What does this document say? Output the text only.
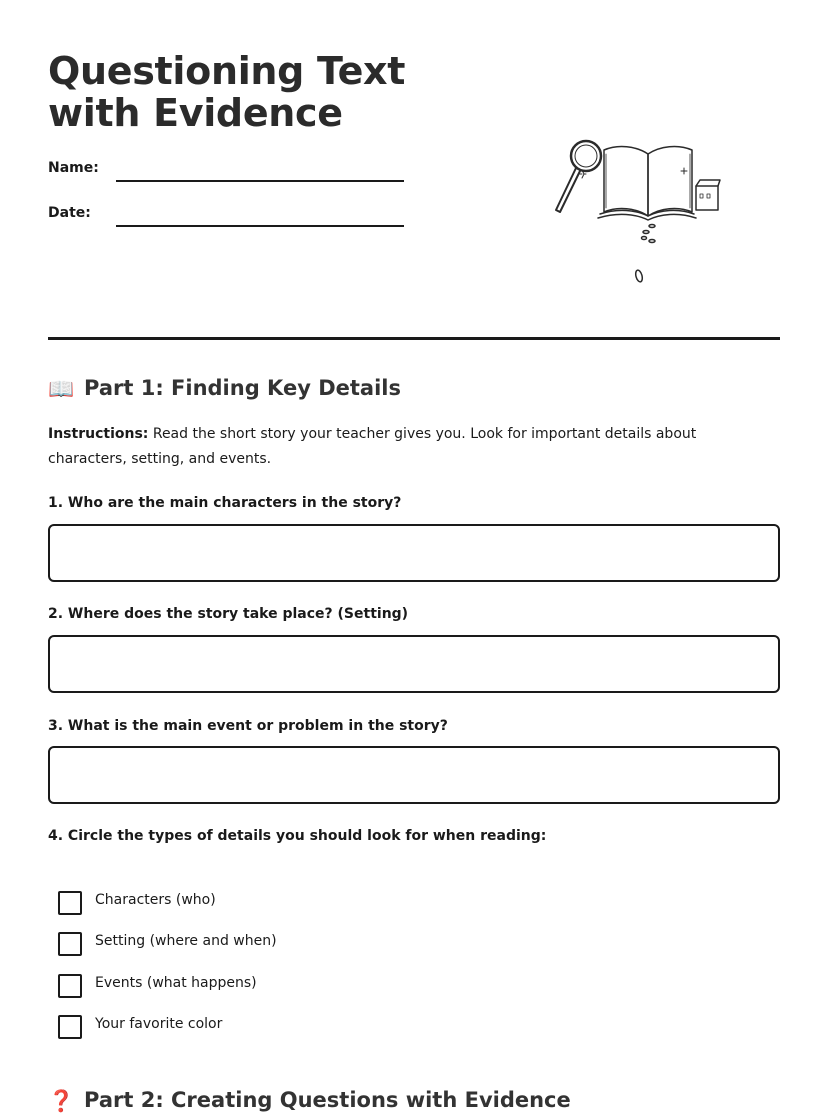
Questioning Text with Evidence
Name:
Date:
📖 Part 1: Finding Key Details
Instructions: Read the short story your teacher gives you. Look for important details about characters, setting, and events.
1. Who are the main characters in the story?
2. Where does the story take place? (Setting)
3. What is the main event or problem in the story?
4. Circle the types of details you should look for when reading:
Characters (who)
Setting (where and when)
Events (what happens)
Your favorite color
❓ Part 2: Creating Questions with Evidence
